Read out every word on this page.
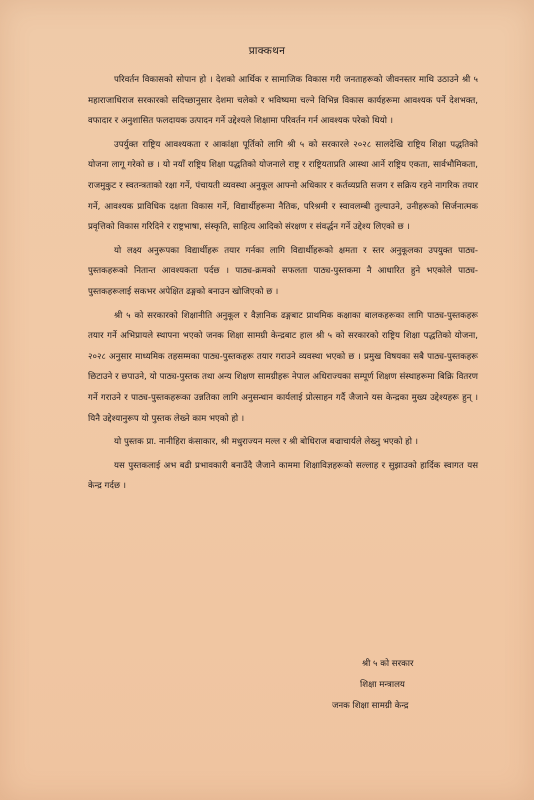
प्राक्कथन

परिवर्तन विकासको सोपान हो । देशको आर्थिक र सामाजिक विकास गरी जनताहरूको जीवनस्तर माथि उठाउने श्री ५ महाराजाधिराज सरकारको सदिच्छानुसार देशमा चलेको र भविष्यमा चल्ने विभिन्न विकास कार्यहरूमा आवश्यक पर्ने देशभक्त, वफादार र अनुशासित फलदायक उत्पादन गर्ने उद्देश्यले शिक्षामा परिवर्तन गर्न आवश्यक परेको थियो ।

उपर्युक्त राष्ट्रिय आवश्यकता र आकांक्षा पूर्तिको लागि श्री ५ को सरकारले २०२८ सालदेखि राष्ट्रिय शिक्षा पद्धतिको योजना लागू गरेको छ । यो नयाँ राष्ट्रिय शिक्षा पद्धतिको योजनाले राष्ट्र र राष्ट्रियताप्रति आस्था आर्ने राष्ट्रिय एकता, सार्वभौमिकता, राजमुकुट र स्वतन्त्रताको रक्षा गर्ने, पंचायती व्यवस्था अनुकूल आफ्नो अधिकार र कर्तव्यप्रति सजग र सक्रिय रहने नागरिक तयार गर्ने, आवश्यक प्राविधिक दक्षता विकास गर्ने, विद्यार्थीहरूमा नैतिक, परिश्रमी र स्वावलम्बी तुल्याउने, उनीहरूको सिर्जनात्मक प्रवृत्तिको विकास गरिदिने र राष्ट्रभाषा, संस्कृति, साहित्य आदिको संरक्षण र संवर्द्धन गर्ने उद्देश्य लिएको छ ।

यो लक्ष्य अनुरूपका विद्यार्थीहरू तयार गर्नका लागि विद्यार्थीहरूको क्षमता र स्तर अनुकूलका उपयुक्त पाठ्य-पुस्तकहरूको नितान्त आवश्यकता पर्दछ । पाठ्य-क्रमको सफलता पाठ्य-पुस्तकमा नै आधारित हुने भएकोले पाठ्य-पुस्तकहरूलाई सकभर अपेक्षित ढङ्गको बनाउन खोजिएको छ ।

श्री ५ को सरकारको शिक्षानीति अनुकूल र वैज्ञानिक ढङ्गबाट प्राथमिक कक्षाका बालकहरूका लागि पाठ्य-पुस्तकहरू तयार गर्ने अभिप्रायले स्थापना भएको जनक शिक्षा सामग्री केन्द्रबाट हाल श्री ५ को सरकारको राष्ट्रिय शिक्षा पद्धतिको योजना, २०२८ अनुसार माध्यमिक तहसम्मका पाठ्य-पुस्तकहरू तयार गराउने व्यवस्था भएको छ । प्रमुख विषयका सबै पाठ्य-पुस्तकहरू छिटाउने र छपाउने, यो पाठ्य-पुस्तक तथा अन्य शिक्षण सामग्रीहरू नेपाल अधिराज्यका सम्पूर्ण शिक्षण संस्थाहरूमा बिक्रि वितरण गर्ने गराउने र पाठ्य-पुस्तकहरूका उन्नतिका लागि अनुसन्धान कार्यलाई प्रोत्साहन गर्दै जैजाने यस केन्द्रका मुख्य उद्देश्यहरू हुन् । यिनै उद्देश्यानुरूप यो पुस्तक लेख्ने काम भएको हो ।

यो पुस्तक प्रा. नानीहिरा कंसाकार, श्री मधुराज्यन मल्ल र श्री बोधिराज बज्राचार्यले लेख्नु भएको हो ।

यस पुस्तकलाई अभ बढी प्रभावकारी बनाउँदै जैजाने काममा शिक्षाविज्ञहरूको सल्लाह र सुझाउको हार्दिक स्वागत यस केन्द्र गर्दछ ।

श्री ५ को सरकार
शिक्षा मन्त्रालय
जनक शिक्षा सामग्री केन्द्र
